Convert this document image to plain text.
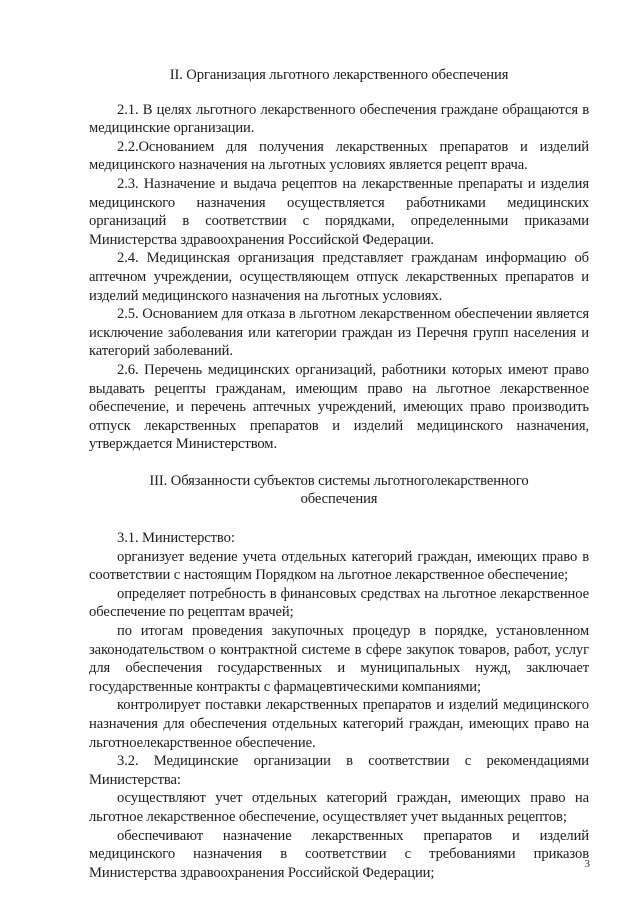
II. Организация льготного лекарственного обеспечения

2.1. В целях льготного лекарственного обеспечения граждане обращаются в медицинские организации.

2.2.Основанием для получения лекарственных препаратов и изделий медицинского назначения на льготных условиях является рецепт врача.

2.3. Назначение и выдача рецептов на лекарственные препараты и изделия медицинского назначения осуществляется работниками медицинских организаций в соответствии с порядками, определенными приказами Министерства здравоохранения Российской Федерации.

2.4. Медицинская организация представляет гражданам информацию об аптечном учреждении, осуществляющем отпуск лекарственных препаратов и изделий медицинского назначения на льготных условиях.

2.5. Основанием для отказа в льготном лекарственном обеспечении является исключение заболевания или категории граждан из Перечня групп населения и категорий заболеваний.

2.6. Перечень медицинских организаций, работники которых имеют право выдавать рецепты гражданам, имеющим право на льготное лекарственное обеспечение, и перечень аптечных учреждений, имеющих право производить отпуск лекарственных препаратов и изделий медицинского назначения, утверждается Министерством.

III. Обязанности субъектов системы льготноголекарственного обеспечения

3.1. Министерство:

организует ведение учета отдельных категорий граждан, имеющих право в соответствии с настоящим Порядком на льготное лекарственное обеспечение;

определяет потребность в финансовых средствах на льготное лекарственное обеспечение по рецептам врачей;

по итогам проведения закупочных процедур в порядке, установленном законодательством о контрактной системе в сфере закупок товаров, работ, услуг для обеспечения государственных и муниципальных нужд, заключает государственные контракты с фармацевтическими компаниями;

контролирует поставки лекарственных препаратов и изделий медицинского назначения для обеспечения отдельных категорий граждан, имеющих право на льготноелекарственное обеспечение.

3.2. Медицинские организации в соответствии с рекомендациями Министерства:

осуществляют учет отдельных категорий граждан, имеющих право на льготное лекарственное обеспечение, осуществляет учет выданных рецептов;

обеспечивают назначение лекарственных препаратов и изделий медицинского назначения в соответствии с требованиями приказов Министерства здравоохранения Российской Федерации;

3
